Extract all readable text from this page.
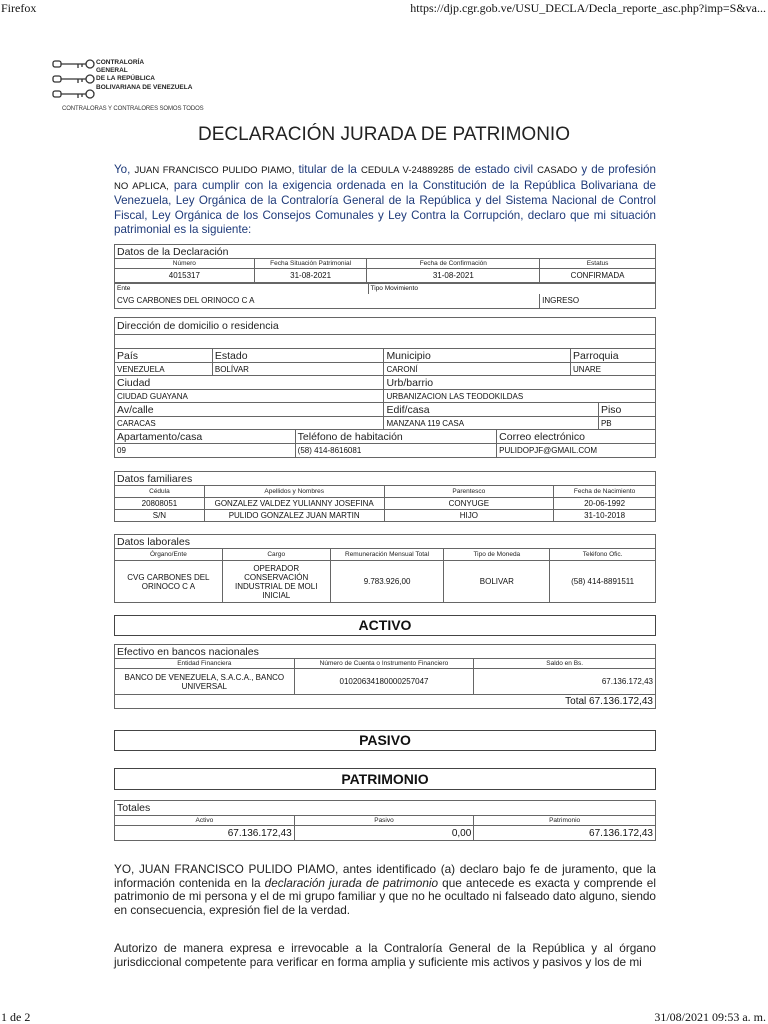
Firefox	https://djp.cgr.gob.ve/USU_DECLA/Decla_reporte_asc.php?imp=S&va...
1 de 2	31/08/2021 09:53 a. m.
CONTRALORÍA
GENERAL
DE LA REPÚBLICA
BOLIVARIANA DE VENEZUELA
CONTRALORAS Y CONTRALORES SOMOS TODOS
DECLARACIÓN JURADA DE PATRIMONIO
Yo, JUAN FRANCISCO PULIDO PIAMO, titular de la CEDULA V-24889285 de estado civil CASADO y de profesión NO APLICA, para cumplir con la exigencia ordenada en la Constitución de la República Bolivariana de Venezuela, Ley Orgánica de la Contraloría General de la República y del Sistema Nacional de Control Fiscal, Ley Orgánica de los Consejos Comunales y Ley Contra la Corrupción, declaro que mi situación patrimonial es la siguiente:
Datos de la Declaración			
Número	Fecha Situación Patrimonial	Fecha de Confirmación	Estatus
4015317	31-08-2021	31-08-2021	CONFIRMADA
Ente	Tipo Movimiento	
CVG CARBONES DEL ORINOCO C A		INGRESO
Dirección de domicilio o residencia						

País	Estado		Municipio		Parroquia	
VENEZUELA	BOLÍVAR		CARONÍ		UNARE	
Ciudad			Urb/barrio			
CIUDAD GUAYANA			URBANIZACION LAS TEODOKILDAS			
Av/calle			Edif/casa			Piso
CARACAS			MANZANA 119 CASA			PB
Apartamento/casa		Teléfono de habitación		Correo electrónico		
09		(58) 414-8616081		PULIDOPJF@GMAIL.COM		
Datos familiares			
Cédula	Apellidos y Nombres	Parentesco	Fecha de Nacimiento
20808051	GONZALEZ VALDEZ YULIANNY JOSEFINA	CONYUGE	20-06-1992
S/N	PULIDO GONZALEZ JUAN MARTIN	HIJO	31-10-2018
Datos laborales				
Órgano/Ente	Cargo	Remuneración Mensual Total	Tipo de Moneda	Teléfono Ofic.
CVG CARBONES DEL ORINOCO C A	OPERADOR CONSERVACIÓN INDUSTRIAL DE MOLI INICIAL	9.783.926,00	BOLIVAR	(58) 414-8891511
ACTIVO
Efectivo en bancos nacionales		
Entidad Financiera	Número de Cuenta o Instrumento Financiero	Saldo en Bs.
BANCO DE VENEZUELA, S.A.C.A., BANCO UNIVERSAL	01020634180000257047	67.136.172,43
Total 67.136.172,43		
PASIVO
PATRIMONIO
Totales		
Activo	Pasivo	Patrimonio
67.136.172,43	0,00	67.136.172,43
YO, JUAN FRANCISCO PULIDO PIAMO, antes identificado (a) declaro bajo fe de juramento, que la información contenida en la declaración jurada de patrimonio que antecede es exacta y comprende el patrimonio de mi persona y el de mi grupo familiar y que no he ocultado ni falseado dato alguno, siendo en consecuencia, expresión fiel de la verdad.
Autorizo de manera expresa e irrevocable a la Contraloría General de la República y al órgano jurisdiccional competente para verificar en forma amplia y suficiente mis activos y pasivos y los de mi
